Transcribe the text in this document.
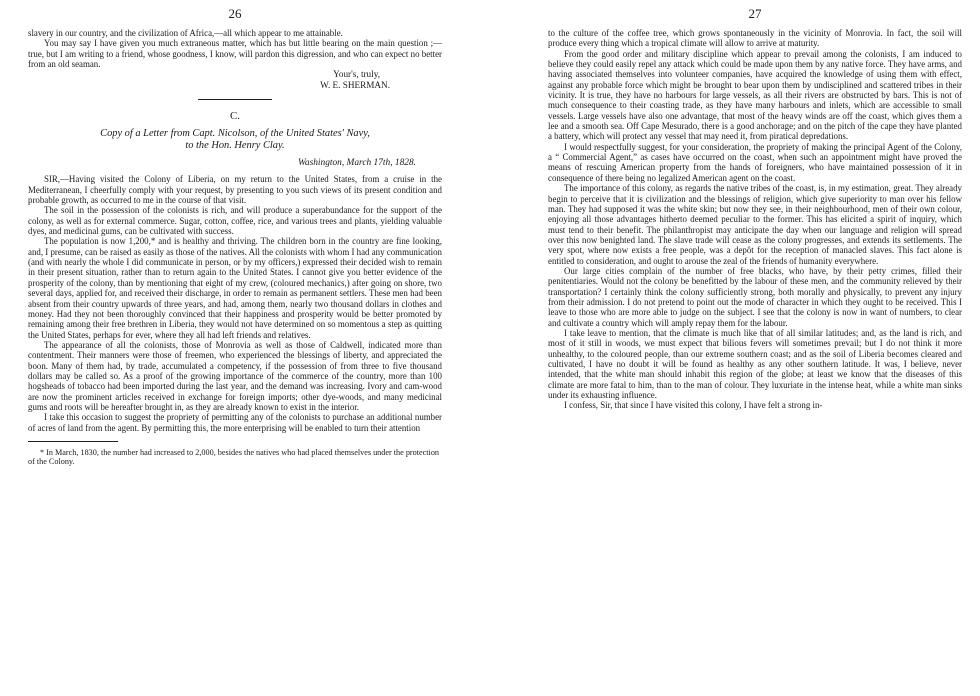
26

slavery in our country, and the civilization of Africa,—all which appear to me attainable.

You may say I have given you much extraneous matter, which has but little bearing on the main question ;—true, but I am writing to a friend, whose goodness, I know, will pardon this digression, and who can expect no better from an old seaman.

Your's, truly,

W. E. SHERMAN.

C.

Copy of a Letter from Capt. Nicolson, of the United States' Navy,

to the Hon. Henry Clay.

Washington, March 17th, 1828.

SIR,—Having visited the Colony of Liberia, on my return to the United States, from a cruise in the Mediterranean, I cheerfully comply with your request, by presenting to you such views of its present condition and probable growth, as occurred to me in the course of that visit.

The soil in the possession of the colonists is rich, and will produce a superabundance for the support of the colony, as well as for external commerce. Sugar, cotton, coffee, rice, and various trees and plants, yielding valuable dyes, and medicinal gums, can be cultivated with success.

The population is now 1,200,* and is healthy and thriving. The children born in the country are fine looking, and, I presume, can be raised as easily as those of the natives. All the colonists with whom I had any communication (and with nearly the whole I did communicate in person, or by my officers,) expressed their decided wish to remain in their present situation, rather than to return again to the United States. I cannot give you better evidence of the prosperity of the colony, than by mentioning that eight of my crew, (coloured mechanics,) after going on shore, two several days, applied for, and received their discharge, in order to remain as permanent settlers. These men had been absent from their country upwards of three years, and had, among them, nearly two thousand dollars in clothes and money. Had they not been thoroughly convinced that their happiness and prosperity would be better promoted by remaining among their free brethren in Liberia, they would not have determined on so momentous a step as quitting the United States, perhaps for ever, where they all had left friends and relatives.

The appearance of all the colonists, those of Monrovia as well as those of Caldwell, indicated more than contentment. Their manners were those of freemen, who experienced the blessings of liberty, and appreciated the boon. Many of them had, by trade, accumulated a competency, if the possession of from three to five thousand dollars may be called so. As a proof of the growing importance of the commerce of the country, more than 100 hogsheads of tobacco had been imported during the last year, and the demand was increasing. Ivory and cam-wood are now the prominent articles received in exchange for foreign imports; other dye-woods, and many medicinal gums and roots will be hereafter brought in, as they are already known to exist in the interior.

I take this occasion to suggest the propriety of permitting any of the colonists to purchase an additional number of acres of land from the agent. By permitting this, the more enterprising will be enabled to turn their attention

* In March, 1830, the number had increased to 2,000, besides the natives who had placed themselves under the protection of the Colony.

27

to the culture of the coffee tree, which grows spontaneously in the vicinity of Monrovia. In fact, the soil will produce every thing which a tropical climate will allow to arrive at maturity.

From the good order and military discipline which appear to prevail among the colonists, I am induced to believe they could easily repel any attack which could be made upon them by any native force. They have arms, and having associated themselves into volunteer companies, have acquired the knowledge of using them with effect, against any probable force which might be brought to bear upon them by undisciplined and scattered tribes in their vicinity. It is true, they have no harbours for large vessels, as all their rivers are obstructed by bars. This is not of much consequence to their coasting trade, as they have many harbours and inlets, which are accessible to small vessels. Large vessels have also one advantage, that most of the heavy winds are off the coast, which gives them a lee and a smooth sea. Off Cape Mesurado, there is a good anchorage; and on the pitch of the cape they have planted a battery, which will protect any vessel that may need it, from piratical depredations.

I would respectfully suggest, for your consideration, the propriety of making the principal Agent of the Colony, a “ Commercial Agent,” as cases have occurred on the coast, when such an appointment might have proved the means of rescuing American property from the hands of foreigners, who have maintained possession of it in consequence of there being no legalized American agent on the coast.

The importance of this colony, as regards the native tribes of the coast, is, in my estimation, great. They already begin to perceive that it is civilization and the blessings of religion, which give superiority to man over his fellow man. They had supposed it was the white skin; but now they see, in their neighbourhood, men of their own colour, enjoying all those advantages hitherto deemed peculiar to the former. This has elicited a spirit of inquiry, which must tend to their benefit. The philanthropist may anticipate the day when our language and religion will spread over this now benighted land. The slave trade will cease as the colony progresses, and extends its settlements. The very spot, where now exists a free people, was a depôt for the reception of manacled slaves. This fact alone is entitled to consideration, and ought to arouse the zeal of the friends of humanity everywhere.

Our large cities complain of the number of free blacks, who have, by their petty crimes, filled their penitentiaries. Would not the colony be benefitted by the labour of these men, and the community relieved by their transportation? I certainly think the colony sufficiently strong, both morally and physically, to prevent any injury from their admission. I do not pretend to point out the mode of character in which they ought to be received. This I leave to those who are more able to judge on the subject. I see that the colony is now in want of numbers, to clear and cultivate a country which will amply repay them for the labour.

I take leave to mention, that the climate is much like that of all similar latitudes; and, as the land is rich, and most of it still in woods, we must expect that bilious fevers will sometimes prevail; but I do not think it more unhealthy, to the coloured people, than our extreme southern coast; and as the soil of Liberia becomes cleared and cultivated, I have no doubt it will be found as healthy as any other southern latitude. It was, I believe, never intended, that the white man should inhabit this region of the globe; at least we know that the diseases of this climate are more fatal to him, than to the man of colour. They luxuriate in the intense heat, while a white man sinks under its exhausting influence.

I confess, Sir, that since I have visited this colony, I have felt a strong in-
